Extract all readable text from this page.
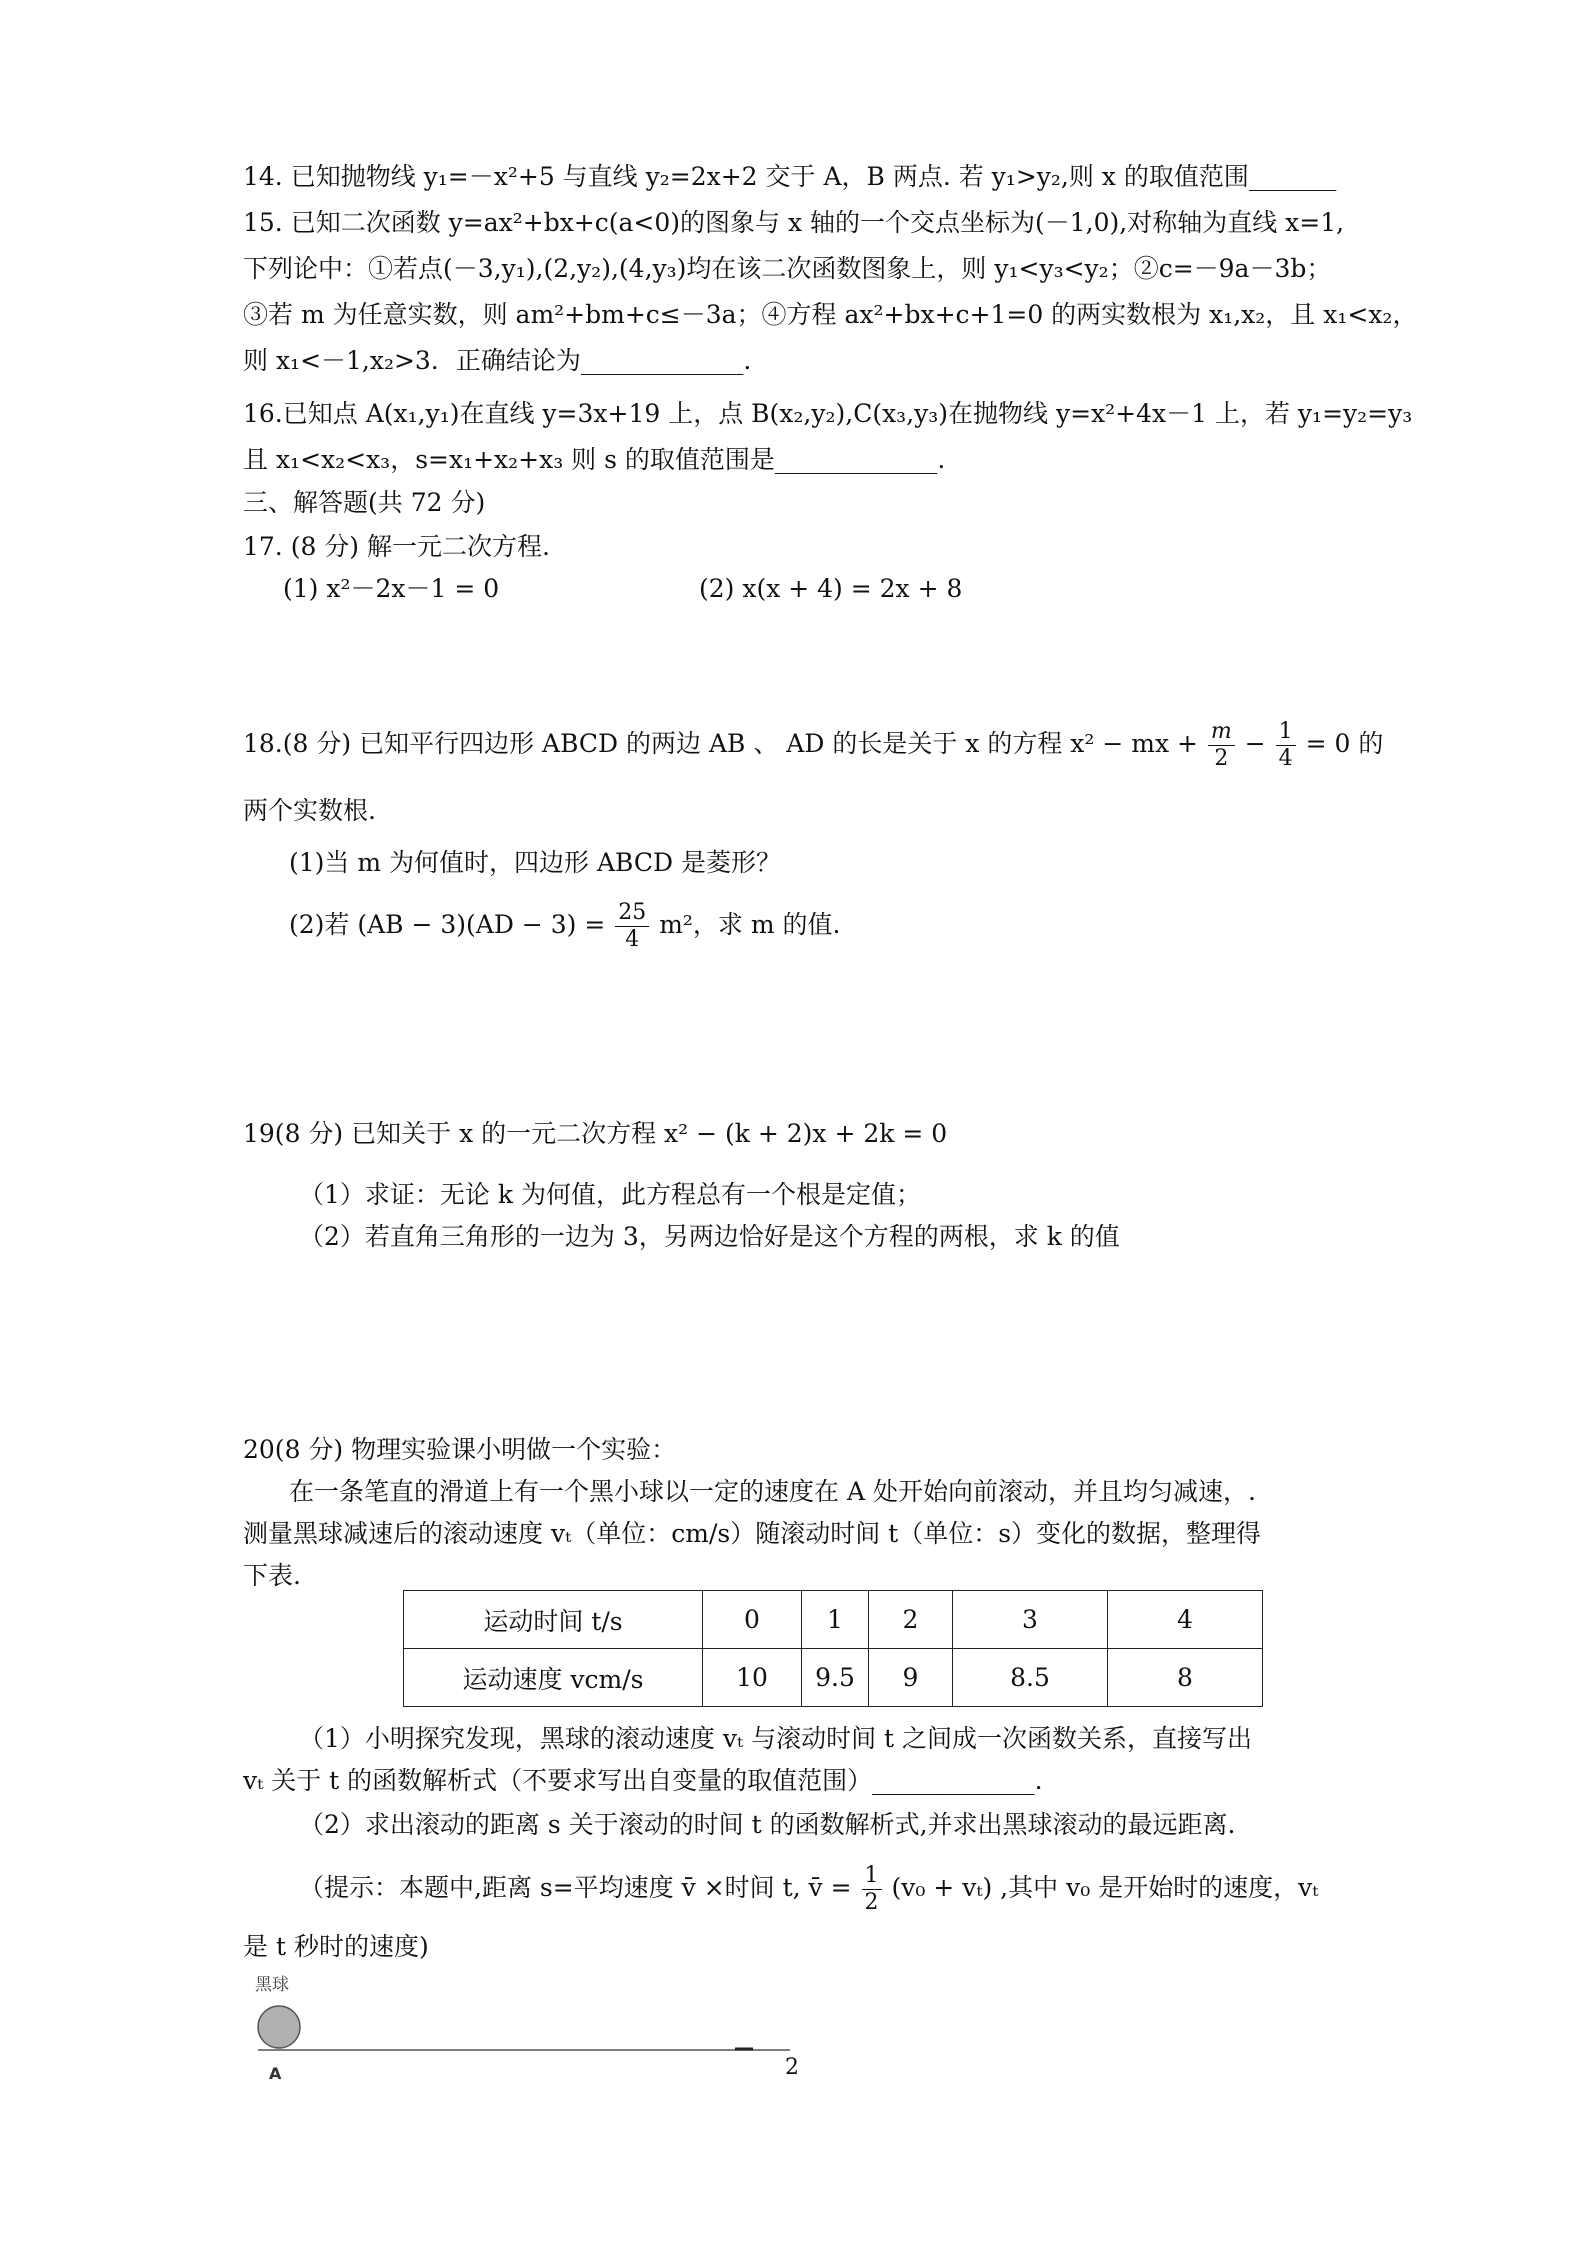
14. 已知抛物线 y₁=－x²+5 与直线 y₂=2x+2 交于 A，B 两点. 若 y₁>y₂,则 x 的取值范围_______
15. 已知二次函数 y=ax²+bx+c(a<0)的图象与 x 轴的一个交点坐标为(－1,0),对称轴为直线 x=1,
下列论中：①若点(－3,y₁),(2,y₂),(4,y₃)均在该二次函数图象上，则 y₁<y₃<y₂；②c=－9a－3b；
③若 m 为任意实数，则 am²+bm+c≤－3a；④方程 ax²+bx+c+1=0 的两实数根为 x₁,x₂，且 x₁<x₂，
则 x₁<－1,x₂>3．正确结论为_____________.
16.已知点 A(x₁,y₁)在直线 y=3x+19 上，点 B(x₂,y₂),C(x₃,y₃)在抛物线 y=x²+4x－1 上，若 y₁=y₂=y₃
且 x₁<x₂<x₃，s=x₁+x₂+x₃ 则 s 的取值范围是_____________.
三、解答题(共 72 分)
17. (8 分) 解一元二次方程.
(1) x²－2x－1 = 0	(2) x(x + 4) = 2x + 8
18.(8 分) 已知平行四边形 ABCD 的两边 AB 、 AD 的长是关于 x 的方程 x² − mx + $\frac{m}{2} - \frac{1}{4} = 0$ 的
两个实数根.
(1)当 m 为何值时，四边形 ABCD 是菱形？
(2)若 $(AB - 3)(AD - 3) = \frac{25}{4} m^2$，求 m 的值.
19(8 分) 已知关于 x 的一元二次方程 x² − (k + 2)x + 2k = 0
（1）求证：无论 k 为何值，此方程总有一个根是定值；
（2）若直角三角形的一边为 3，另两边恰好是这个方程的两根，求 k 的值
20(8 分) 物理实验课小明做一个实验：
在一条笔直的滑道上有一个黑小球以一定的速度在 A 处开始向前滚动，并且均匀减速，.
测量黑球减速后的滚动速度 vₜ（单位：cm/s）随滚动时间 t（单位：s）变化的数据，整理得
下表.
运动时间 t/s	0	1	2	3	4
运动速度 vcm/s	10	9.5	9	8.5	8
（1）小明探究发现，黑球的滚动速度 vₜ 与滚动时间 t 之间成一次函数关系，直接写出
vₜ 关于 t 的函数解析式（不要求写出自变量的取值范围）_____________.
（2）求出滚动的距离 s 关于滚动的时间 t 的函数解析式,并求出黑球滚动的最远距离.
（提示：本题中,距离 s=平均速度 v̄ ×时间 t, v̄ = $\frac{1}{2} (v_0 + v_t)$ ,其中 v₀ 是开始时的速度，vₜ
是 t 秒时的速度)
黑球
A	2
